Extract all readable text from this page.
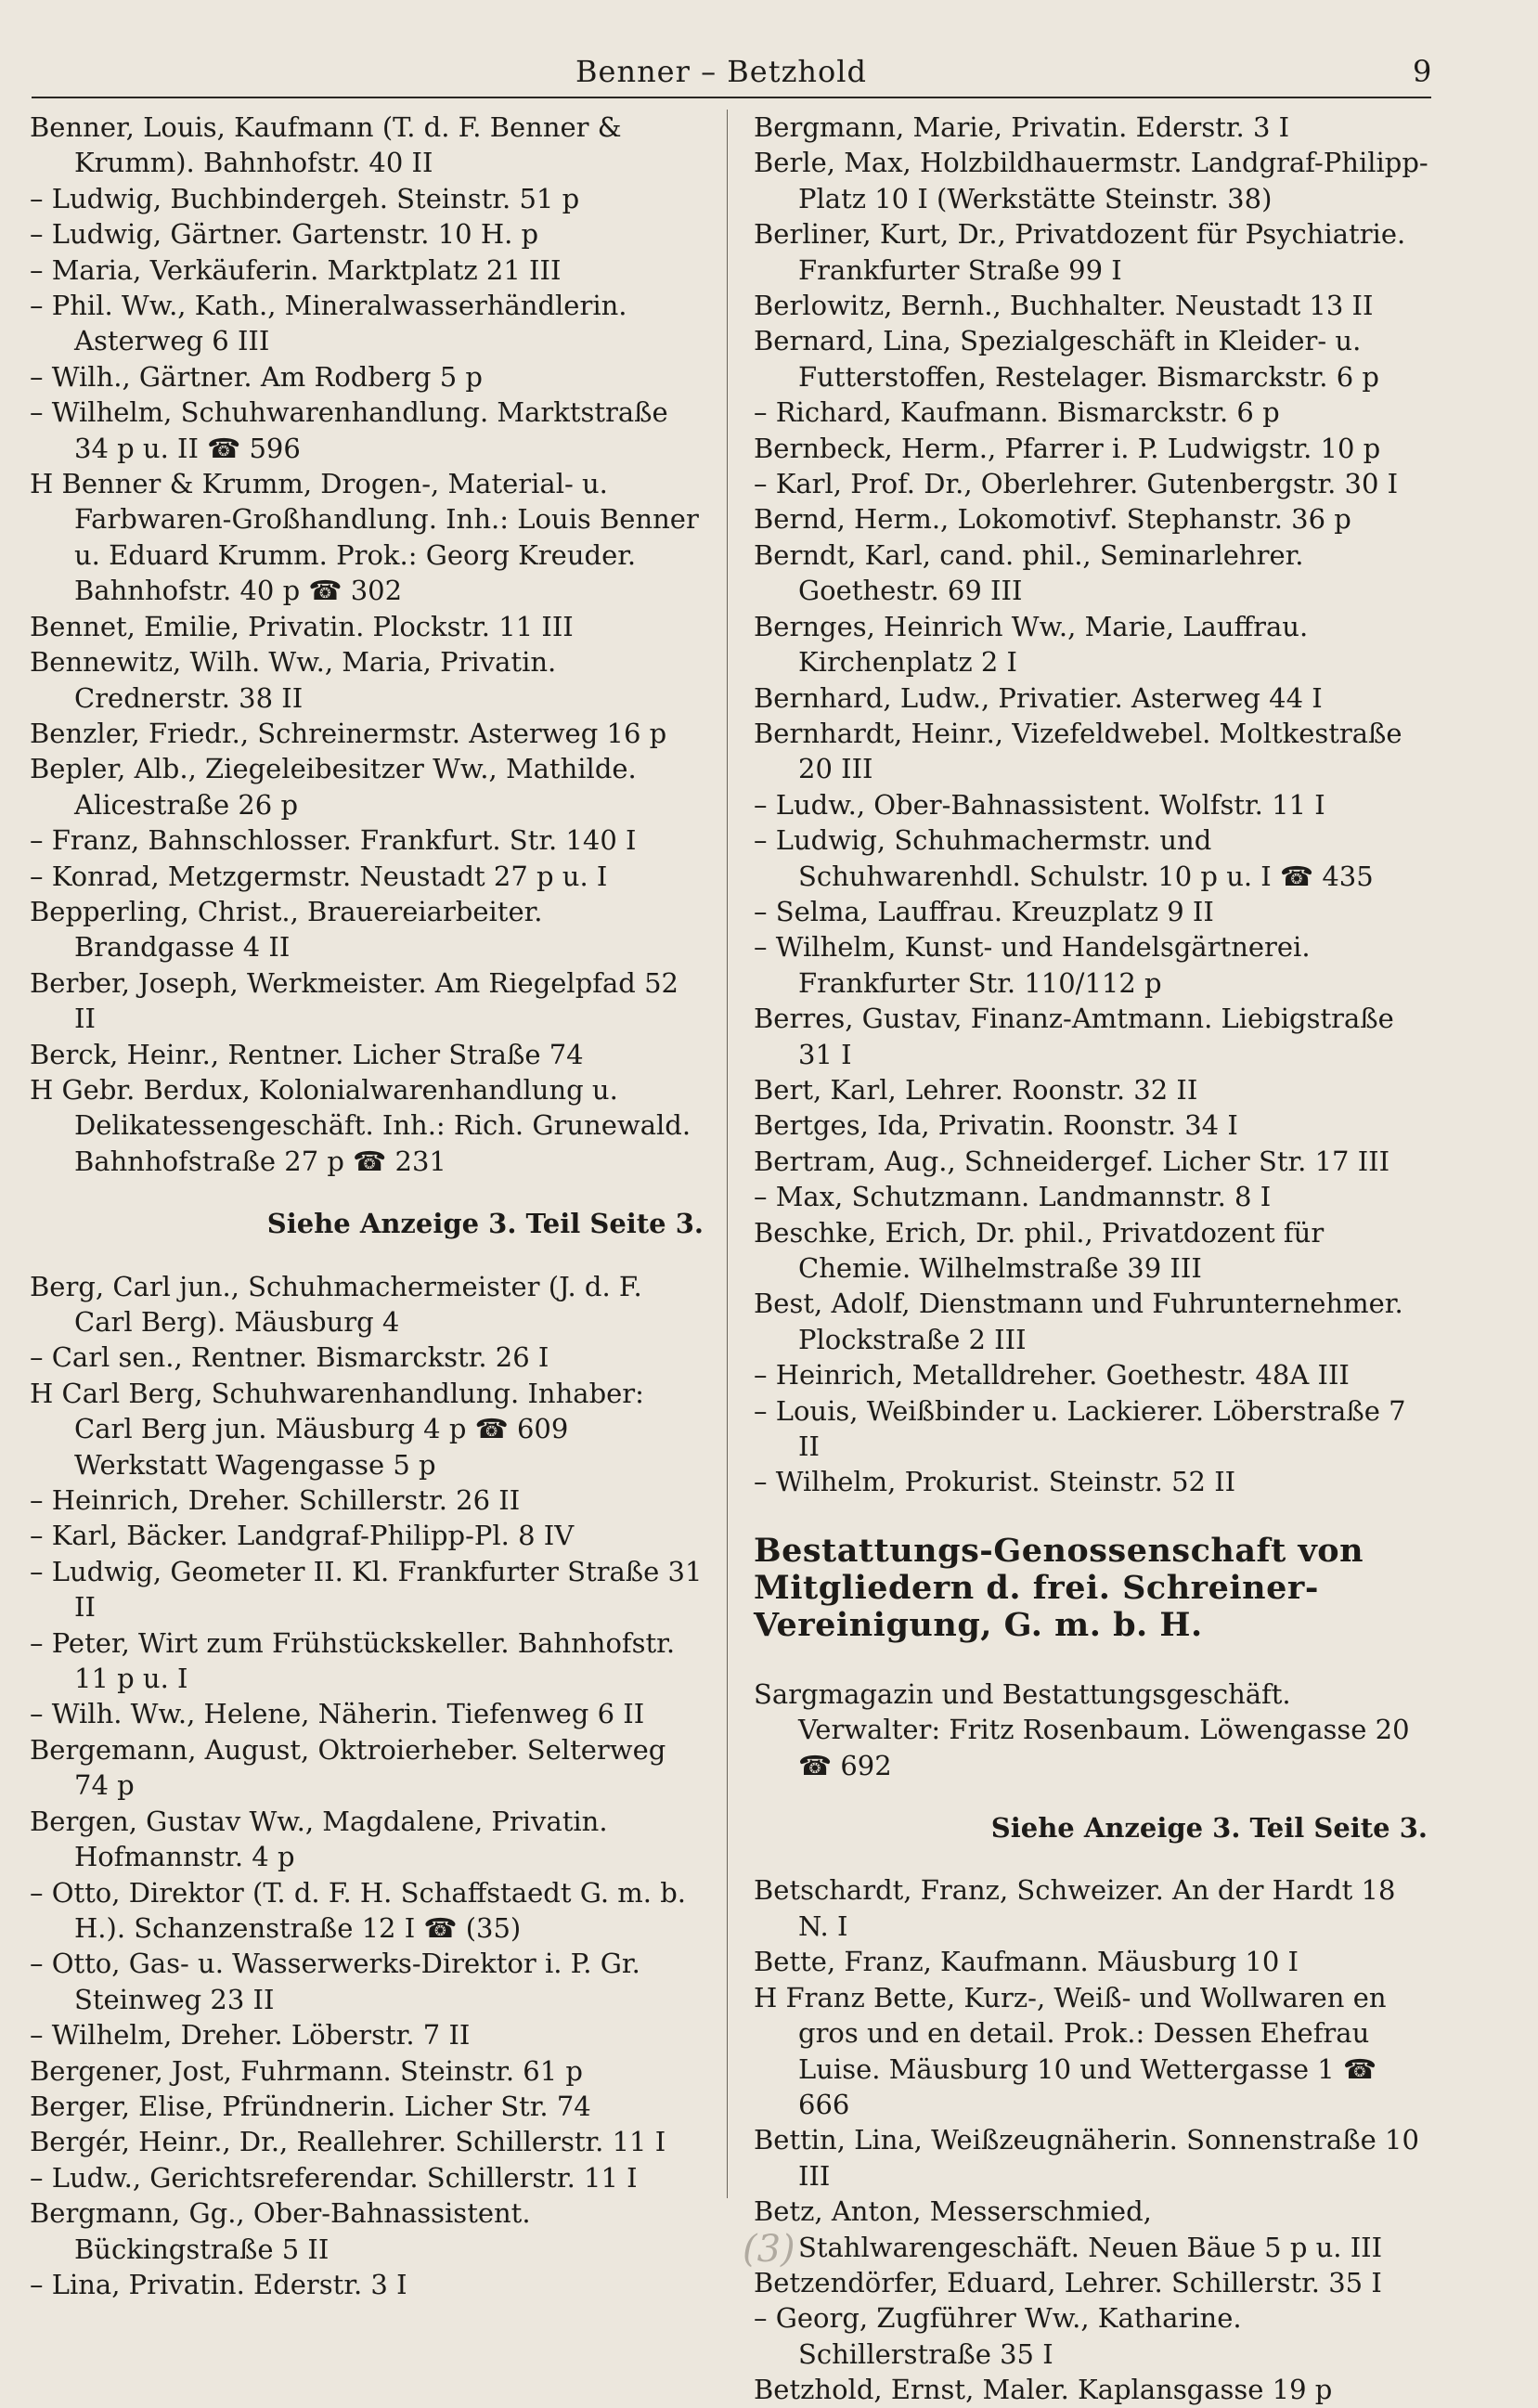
Benner – Betzhold	9

Benner, Louis, Kaufmann (T. d. F. Benner & Krumm). Bahnhofstr. 40 II

– Ludwig, Buchbindergeh. Steinstr. 51 p

– Ludwig, Gärtner. Gartenstr. 10 H. p

– Maria, Verkäuferin. Marktplatz 21 III

– Phil. Ww., Kath., Mineralwasserhändlerin. Asterweg 6 III

– Wilh., Gärtner. Am Rodberg 5 p

– Wilhelm, Schuhwarenhandlung. Marktstraße 34 p u. II ☎ 596

H Benner & Krumm, Drogen-, Material- u. Farbwaren-Großhandlung. Inh.: Louis Benner u. Eduard Krumm. Prok.: Georg Kreuder. Bahnhofstr. 40 p ☎ 302

Bennet, Emilie, Privatin. Plockstr. 11 III

Bennewitz, Wilh. Ww., Maria, Privatin. Crednerstr. 38 II

Benzler, Friedr., Schreinermstr. Asterweg 16 p

Bepler, Alb., Ziegeleibesitzer Ww., Mathilde. Alicestraße 26 p

– Franz, Bahnschlosser. Frankfurt. Str. 140 I

– Konrad, Metzgermstr. Neustadt 27 p u. I

Bepperling, Christ., Brauereiarbeiter. Brandgasse 4 II

Berber, Joseph, Werkmeister. Am Riegelpfad 52 II

Berck, Heinr., Rentner. Licher Straße 74

H Gebr. Berdux, Kolonialwarenhandlung u. Delikatessengeschäft. Inh.: Rich. Grunewald. Bahnhofstraße 27 p ☎ 231

Siehe Anzeige 3. Teil Seite 3.

Berg, Carl jun., Schuhmachermeister (J. d. F. Carl Berg). Mäusburg 4

– Carl sen., Rentner. Bismarckstr. 26 I

H Carl Berg, Schuhwarenhandlung. Inhaber: Carl Berg jun. Mäusburg 4 p ☎ 609 Werkstatt Wagengasse 5 p

– Heinrich, Dreher. Schillerstr. 26 II

– Karl, Bäcker. Landgraf-Philipp-Pl. 8 IV

– Ludwig, Geometer II. Kl. Frankfurter Straße 31 II

– Peter, Wirt zum Frühstückskeller. Bahnhofstr. 11 p u. I

– Wilh. Ww., Helene, Näherin. Tiefenweg 6 II

Bergemann, August, Oktroierheber. Selterweg 74 p

Bergen, Gustav Ww., Magdalene, Privatin. Hofmannstr. 4 p

– Otto, Direktor (T. d. F. H. Schaffstaedt G. m. b. H.). Schanzenstraße 12 I ☎ (35)

– Otto, Gas- u. Wasserwerks-Direktor i. P. Gr. Steinweg 23 II

– Wilhelm, Dreher. Löberstr. 7 II

Bergener, Jost, Fuhrmann. Steinstr. 61 p

Berger, Elise, Pfründnerin. Licher Str. 74

Bergér, Heinr., Dr., Reallehrer. Schillerstr. 11 I

– Ludw., Gerichtsreferendar. Schillerstr. 11 I

Bergmann, Gg., Ober-Bahnassistent. Bückingstraße 5 II

– Lina, Privatin. Ederstr. 3 I

Bergmann, Marie, Privatin. Ederstr. 3 I

Berle, Max, Holzbildhauermstr. Landgraf-Philipp-Platz 10 I (Werkstätte Steinstr. 38)

Berliner, Kurt, Dr., Privatdozent für Psychiatrie. Frankfurter Straße 99 I

Berlowitz, Bernh., Buchhalter. Neustadt 13 II

Bernard, Lina, Spezialgeschäft in Kleider- u. Futterstoffen, Restelager. Bismarckstr. 6 p

– Richard, Kaufmann. Bismarckstr. 6 p

Bernbeck, Herm., Pfarrer i. P. Ludwigstr. 10 p

– Karl, Prof. Dr., Oberlehrer. Gutenbergstr. 30 I

Bernd, Herm., Lokomotivf. Stephanstr. 36 p

Berndt, Karl, cand. phil., Seminarlehrer. Goethestr. 69 III

Bernges, Heinrich Ww., Marie, Lauffrau. Kirchenplatz 2 I

Bernhard, Ludw., Privatier. Asterweg 44 I

Bernhardt, Heinr., Vizefeldwebel. Moltkestraße 20 III

– Ludw., Ober-Bahnassistent. Wolfstr. 11 I

– Ludwig, Schuhmachermstr. und Schuhwarenhdl. Schulstr. 10 p u. I ☎ 435

– Selma, Lauffrau. Kreuzplatz 9 II

– Wilhelm, Kunst- und Handelsgärtnerei. Frankfurter Str. 110/112 p

Berres, Gustav, Finanz-Amtmann. Liebigstraße 31 I

Bert, Karl, Lehrer. Roonstr. 32 II

Bertges, Ida, Privatin. Roonstr. 34 I

Bertram, Aug., Schneidergef. Licher Str. 17 III

– Max, Schutzmann. Landmannstr. 8 I

Beschke, Erich, Dr. phil., Privatdozent für Chemie. Wilhelmstraße 39 III

Best, Adolf, Dienstmann und Fuhrunternehmer. Plockstraße 2 III

– Heinrich, Metalldreher. Goethestr. 48A III

– Louis, Weißbinder u. Lackierer. Löberstraße 7 II

– Wilhelm, Prokurist. Steinstr. 52 II

Bestattungs-Genossenschaft von Mitgliedern d. frei. Schreiner-Vereinigung, G. m. b. H.

Sargmagazin und Bestattungsgeschäft. Verwalter: Fritz Rosenbaum. Löwengasse 20 ☎ 692

Siehe Anzeige 3. Teil Seite 3.

Betschardt, Franz, Schweizer. An der Hardt 18 N. I

Bette, Franz, Kaufmann. Mäusburg 10 I

H Franz Bette, Kurz-, Weiß- und Wollwaren en gros und en detail. Prok.: Dessen Ehefrau Luise. Mäusburg 10 und Wettergasse 1 ☎ 666

Bettin, Lina, Weißzeugnäherin. Sonnenstraße 10 III

Betz, Anton, Messerschmied, Stahlwarengeschäft. Neuen Bäue 5 p u. III

Betzendörfer, Eduard, Lehrer. Schillerstr. 35 I

– Georg, Zugführer Ww., Katharine. Schillerstraße 35 I

Betzhold, Ernst, Maler. Kaplansgasse 19 p

(3)
